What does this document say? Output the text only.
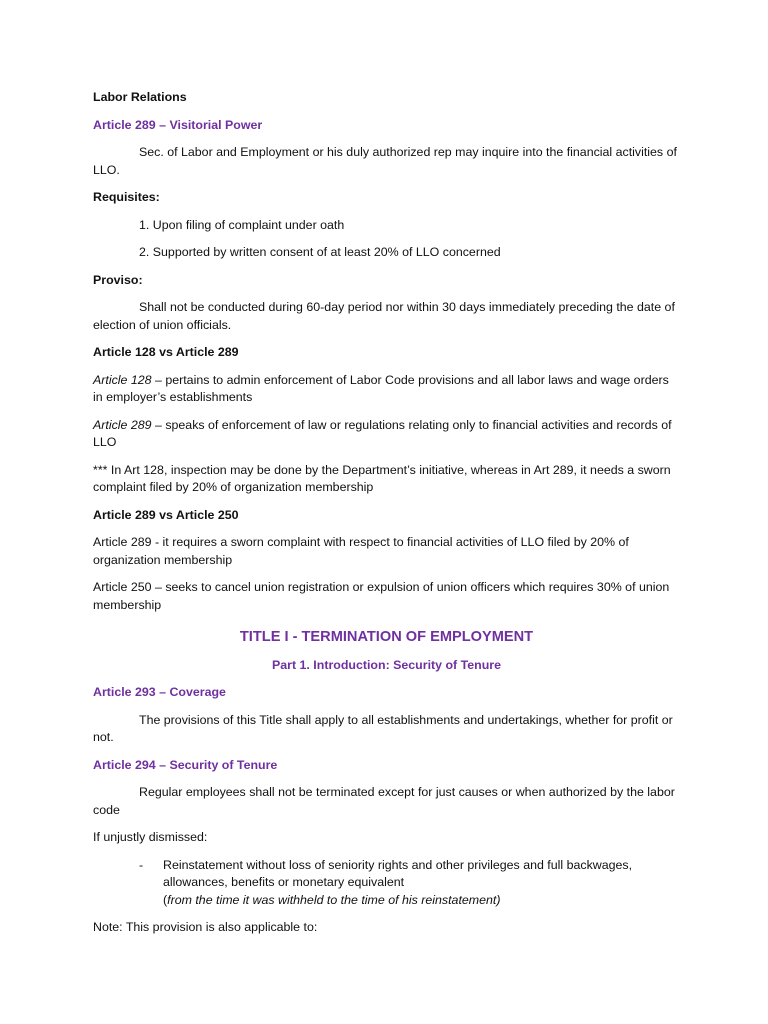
Labor Relations

Article 289 – Visitorial Power

Sec. of Labor and Employment or his duly authorized rep may inquire into the financial activities of LLO.

Requisites:

1. Upon filing of complaint under oath

2. Supported by written consent of at least 20% of LLO concerned

Proviso:

Shall not be conducted during 60-day period nor within 30 days immediately preceding the date of election of union officials.

Article 128 vs Article 289

Article 128 – pertains to admin enforcement of Labor Code provisions and all labor laws and wage orders in employer’s establishments

Article 289 – speaks of enforcement of law or regulations relating only to financial activities and records of LLO

*** In Art 128, inspection may be done by the Department’s initiative, whereas in Art 289, it needs a sworn complaint filed by 20% of organization membership

Article 289 vs Article 250

Article 289 - it requires a sworn complaint with respect to financial activities of LLO filed by 20% of organization membership

Article 250 – seeks to cancel union registration or expulsion of union officers which requires 30% of union membership

TITLE I - TERMINATION OF EMPLOYMENT

Part 1. Introduction: Security of Tenure

Article 293 – Coverage

The provisions of this Title shall apply to all establishments and undertakings, whether for profit or not.

Article 294 – Security of Tenure

Regular employees shall not be terminated except for just causes or when authorized by the labor code

If unjustly dismissed:

-	Reinstatement without loss of seniority rights and other privileges and full backwages, allowances, benefits or monetary equivalent
(from the time it was withheld to the time of his reinstatement)

Note: This provision is also applicable to:
